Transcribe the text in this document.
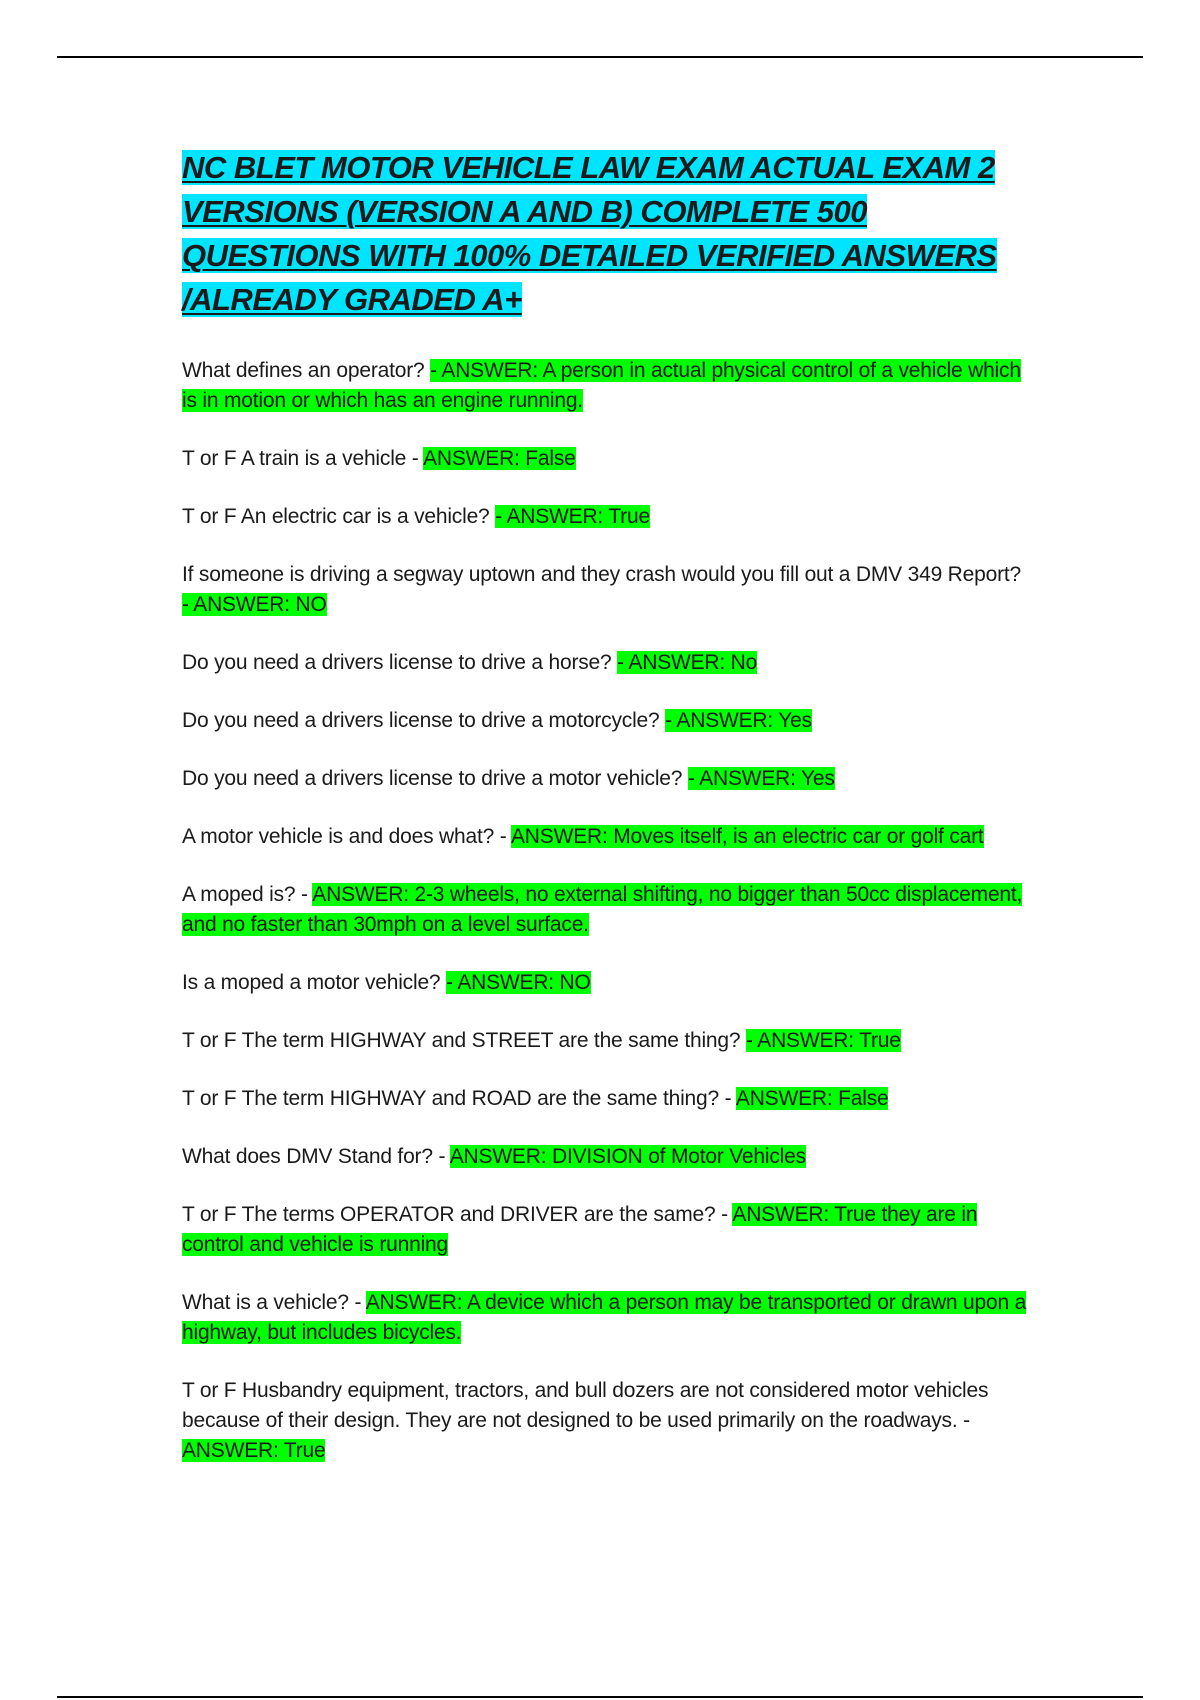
NC BLET MOTOR VEHICLE LAW EXAM ACTUAL EXAM 2 VERSIONS (VERSION A AND B) COMPLETE 500 QUESTIONS WITH 100% DETAILED VERIFIED ANSWERS /ALREADY GRADED A+

What defines an operator? - ANSWER: A person in actual physical control of a vehicle which is in motion or which has an engine running.

T or F A train is a vehicle - ANSWER: False

T or F An electric car is a vehicle? - ANSWER: True

If someone is driving a segway uptown and they crash would you fill out a DMV 349 Report? - ANSWER: NO

Do you need a drivers license to drive a horse? - ANSWER: No

Do you need a drivers license to drive a motorcycle? - ANSWER: Yes

Do you need a drivers license to drive a motor vehicle? - ANSWER: Yes

A motor vehicle is and does what? - ANSWER: Moves itself, is an electric car or golf cart

A moped is? - ANSWER: 2-3 wheels, no external shifting, no bigger than 50cc displacement, and no faster than 30mph on a level surface.

Is a moped a motor vehicle? - ANSWER: NO

T or F The term HIGHWAY and STREET are the same thing? - ANSWER: True

T or F The term HIGHWAY and ROAD are the same thing? - ANSWER: False

What does DMV Stand for? - ANSWER: DIVISION of Motor Vehicles

T or F The terms OPERATOR and DRIVER are the same? - ANSWER: True they are in control and vehicle is running

What is a vehicle? - ANSWER: A device which a person may be transported or drawn upon a highway, but includes bicycles.

T or F Husbandry equipment, tractors, and bull dozers are not considered motor vehicles because of their design. They are not designed to be used primarily on the roadways. - ANSWER: True
